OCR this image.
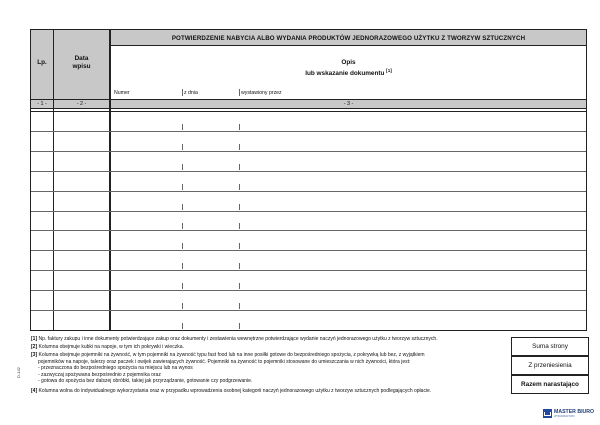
POTWIERDZENIE NABYCIA ALBO WYDANIA PRODUKTÓW JEDNORAZOWEGO UŻYTKU Z TWORZYW SZTUCZNYCH
Lp.
Data
wpisu
Opis
lub wskazanie dokumentu [1]
Numer	z dnia	wystawiony przez
- 1 -	- 2 -	- 3 -
[1] Np. faktury zakupu i inne dokumenty potwierdzające zakup oraz dokumenty i zestawienia wewnętrzne potwierdzające wydanie naczyń jednorazowego użytku z tworzyw sztucznych.
[2] Kolumna obejmuje kubki na napoje, w tym ich pokrywki i wieczka.
[3] Kolumna obejmuje pojemniki na żywność, w tym pojemniki na żywność typu fast food lub na inne posiłki gotowe do bezpośredniego spożycia, z pokrywką lub bez, z wyjątkiem
pojemników na napoje, talerzy oraz paczek i owijek zawierających żywność. Pojemniki na żywność to pojemniki stosowane do umieszczania w nich żywności, która jest:
- przeznaczona do bezpośredniego spożycia na miejscu lub na wynos
- zazwyczaj spożywana bezpośrednio z pojemnika oraz
- gotowa do spożycia bez dalszej obróbki, takiej jak przyrządzanie, gotowanie czy podgrzewanie.
[4] Kolumna wolna do indywidualnego wykorzystania oraz w przypadku wprowadzenia osobnej kategorii naczyń jednorazowego użytku z tworzyw sztucznych podlegających opłacie.
Suma strony
Z przeniesienia
Razem narastająco
D-142
MASTER BIURO
WYDAWNICTWO
